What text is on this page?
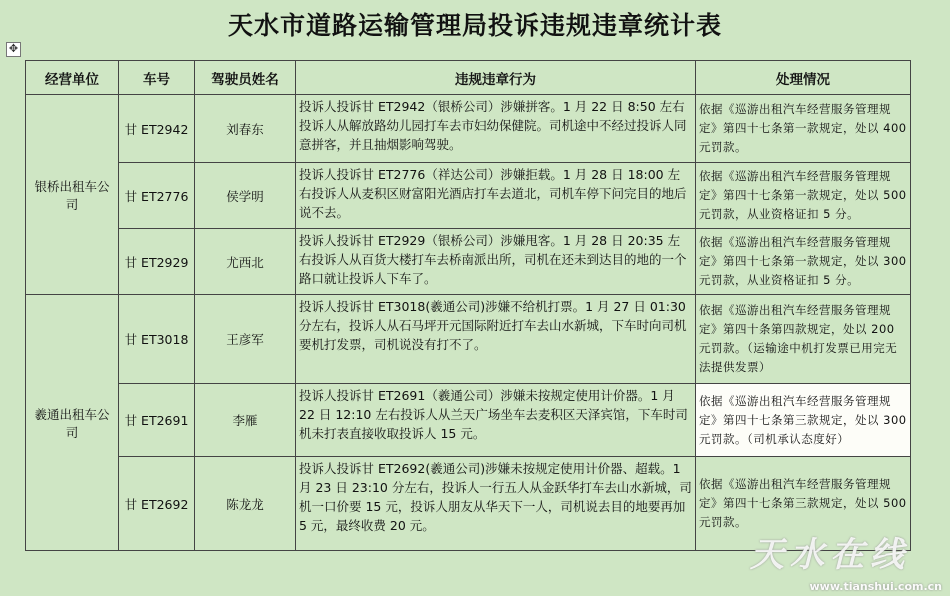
天水市道路运输管理局投诉违规违章统计表
✥
经营单位	车号	驾驶员姓名	违规违章行为	处理情况
银桥出租车公司	甘 ET2942	刘春东	投诉人投诉甘 ET2942（银桥公司）涉嫌拼客。1 月 22 日 8:50 左右投诉人从解放路幼儿园打车去市妇幼保健院。司机途中不经过投诉人同意拼客，并且抽烟影响驾驶。	依据《巡游出租汽车经营服务管理规定》第四十七条第一款规定，处以 400 元罚款。
	甘 ET2776	侯学明	投诉人投诉甘 ET2776（祥达公司）涉嫌拒载。1 月 28 日 18:00 左右投诉人从麦积区财富阳光酒店打车去道北，司机车停下问完目的地后说不去。	依据《巡游出租汽车经营服务管理规定》第四十七条第一款规定，处以 500 元罚款，从业资格证扣 5 分。
	甘 ET2929	尤西北	投诉人投诉甘 ET2929（银桥公司）涉嫌甩客。1 月 28 日 20:35 左右投诉人从百货大楼打车去桥南派出所，司机在还未到达目的地的一个路口就让投诉人下车了。	依据《巡游出租汽车经营服务管理规定》第四十七条第一款规定，处以 300 元罚款，从业资格证扣 5 分。
羲通出租车公司	甘 ET3018	王彦军	投诉人投诉甘 ET3018(羲通公司)涉嫌不给机打票。1 月 27 日 01:30 分左右，投诉人从石马坪开元国际附近打车去山水新城，下车时向司机要机打发票，司机说没有打不了。	依据《巡游出租汽车经营服务管理规定》第四十条第四款规定，处以 200 元罚款。（运输途中机打发票已用完无法提供发票）
	甘 ET2691	李雁	投诉人投诉甘 ET2691（羲通公司）涉嫌未按规定使用计价器。1 月 22 日 12:10 左右投诉人从兰天广场坐车去麦积区天泽宾馆，下车时司机未打表直接收取投诉人 15 元。	依据《巡游出租汽车经营服务管理规定》第四十七条第三款规定，处以 300 元罚款。（司机承认态度好）
	甘 ET2692	陈龙龙	投诉人投诉甘 ET2692(羲通公司)涉嫌未按规定使用计价器、超载。1 月 23 日 23:10 分左右，投诉人一行五人从金跃华打车去山水新城，司机一口价要 15 元，投诉人朋友从华天下一人，司机说去目的地要再加 5 元，最终收费 20 元。	依据《巡游出租汽车经营服务管理规定》第四十七条第三款规定，处以 500 元罚款。
天水在线
www.tianshui.com.cn
